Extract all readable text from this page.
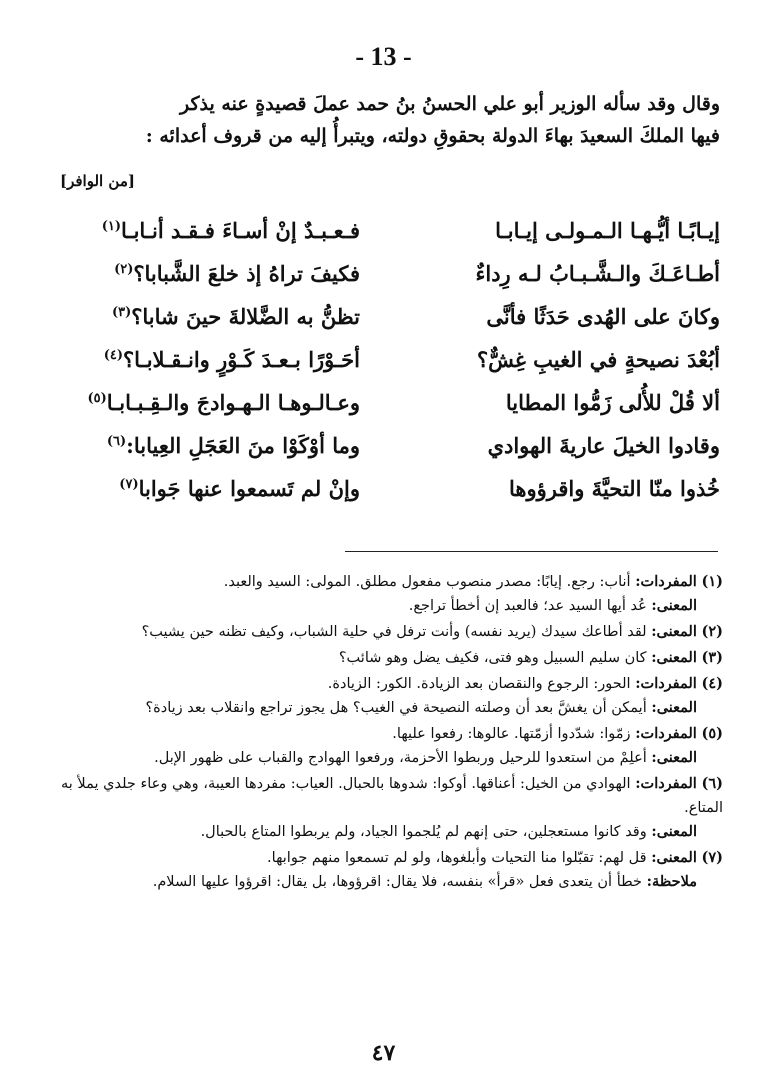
- 13 -

وقال وقد سأله الوزير أبو علي الحسنُ بنُ حمد عملَ قصيدةٍ عنه يذكر

فيها الملكَ السعيدَ بهاءَ الدولة بحقوقِ دولته، ويتبرأُ إليه من قروف أعدائه :

[من الوافر]
إيـابًـا أيُّـهـا الـمـولـى إيـابـا
فـعـبـدٌ إنْ أسـاءَ فـقـد أنـابـا$^{(١)}$
أطـاعَـكَ والـشَّـبـابُ لـه رِداءٌ
فكيفَ تراهُ إذ خلعَ الشَّبابا؟$^{(٢)}$
وكانَ على الهُدى حَدَثًا فأنَّى
تظنُّ به الضَّلالةَ حينَ شابا؟$^{(٣)}$
أبُعْدَ نصيحةٍ في الغيبِ غِشٌّ؟
أحَـوْرًا بـعـدَ كَـوْرٍ وانـقـلابـا؟$^{(٤)}$
ألا قُلْ للأُلى زَمُّوا المطايا
وعـالـوهـا الـهـوادجَ والـقِـبـابـا$^{(٥)}$
وقادوا الخيلَ عاريةَ الهوادي
وما أوْكَوْا منَ العَجَلِ العِيابا:$^{(٦)}$
خُذوا منّا التحيَّةَ واقرؤوها
وإنْ لم تَسمعوا عنها جَوابا$^{(٧)}$

(١) المفردات: أناب: رجع. إيابًا: مصدر منصوب مفعول مطلق. المولى: السيد والعبد.

المعنى: عُد أيها السيد عد؛ فالعبد إن أخطأ تراجع.

(٢) المعنى: لقد أطاعك سيدك (يريد نفسه) وأنت ترفل في حلية الشباب، وكيف تظنه حين يشيب؟

(٣) المعنى: كان سليم السبيل وهو فتى، فكيف يضل وهو شائب؟

(٤) المفردات: الحور: الرجوع والنقصان بعد الزيادة. الكور: الزيادة.

المعنى: أيمكن أن يغشَّ بعد أن وصلته النصيحة في الغيب؟ هل يجوز تراجع وانقلاب بعد زيادة؟

(٥) المفردات: زمّوا: شدّدوا أزمّتها. عالوها: رفعوا عليها.

المعنى: أعلِمْ من استعدوا للرحيل وربطوا الأحزمة، ورفعوا الهوادج والقباب على ظهور الإبل.

(٦) المفردات: الهوادي من الخيل: أعناقها. أوكوا: شدوها بالحبال. العياب: مفردها العيبة، وهي وعاء جلدي يملأ به المتاع.

المعنى: وقد كانوا مستعجلين، حتى إنهم لم يُلجموا الجياد، ولم يربطوا المتاع بالحبال.

(٧) المعنى: قل لهم: تقبّلوا منا التحيات وأبلغوها، ولو لم تسمعوا منهم جوابها.

ملاحظة: خطأ أن يتعدى فعل «قرأ» بنفسه، فلا يقال: اقرؤوها، بل يقال: اقرؤوا عليها السلام.

٤٧
